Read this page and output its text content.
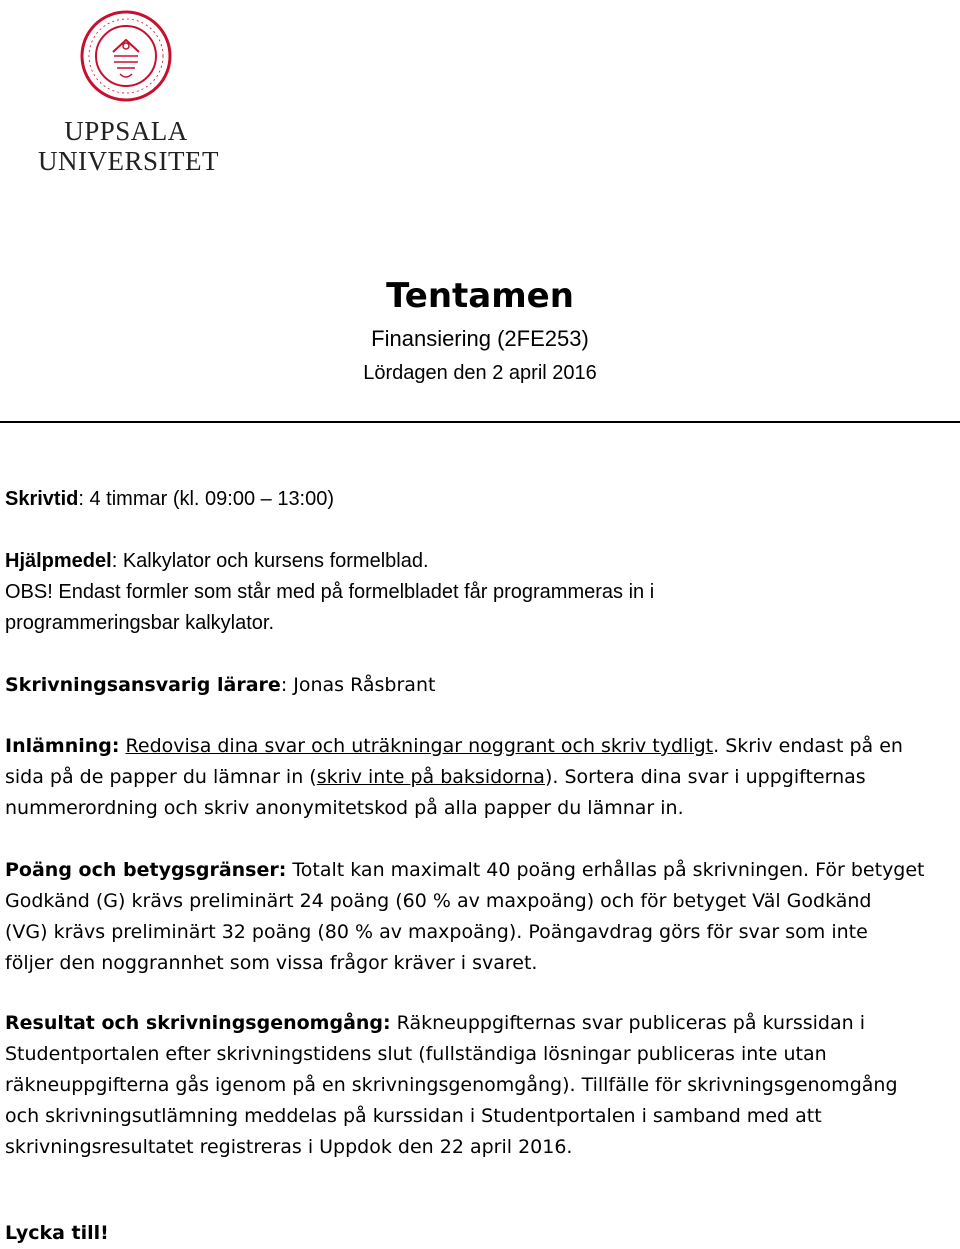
UPPSALA
UNIVERSITET
Tentamen
Finansiering (2FE253)
Lördagen den 2 april 2016
Skrivtid: 4 timmar (kl. 09:00 – 13:00)
Hjälpmedel: Kalkylator och kursens formelblad.
OBS! Endast formler som står med på formelbladet får programmeras in i
programmeringsbar kalkylator.
Skrivningsansvarig lärare: Jonas Råsbrant
Inlämning: Redovisa dina svar och uträkningar noggrant och skriv tydligt. Skriv endast på en
sida på de papper du lämnar in (skriv inte på baksidorna). Sortera dina svar i uppgifternas
nummerordning och skriv anonymitetskod på alla papper du lämnar in.
Poäng och betygsgränser: Totalt kan maximalt 40 poäng erhållas på skrivningen. För betyget
Godkänd (G) krävs preliminärt 24 poäng (60 % av maxpoäng) och för betyget Väl Godkänd
(VG) krävs preliminärt 32 poäng (80 % av maxpoäng). Poängavdrag görs för svar som inte
följer den noggrannhet som vissa frågor kräver i svaret.
Resultat och skrivningsgenomgång: Räkneuppgifternas svar publiceras på kurssidan i
Studentportalen efter skrivningstidens slut (fullständiga lösningar publiceras inte utan
räkneuppgifterna gås igenom på en skrivningsgenomgång). Tillfälle för skrivningsgenomgång
och skrivningsutlämning meddelas på kurssidan i Studentportalen i samband med att
skrivningsresultatet registreras i Uppdok den 22 april 2016.
Lycka till!
